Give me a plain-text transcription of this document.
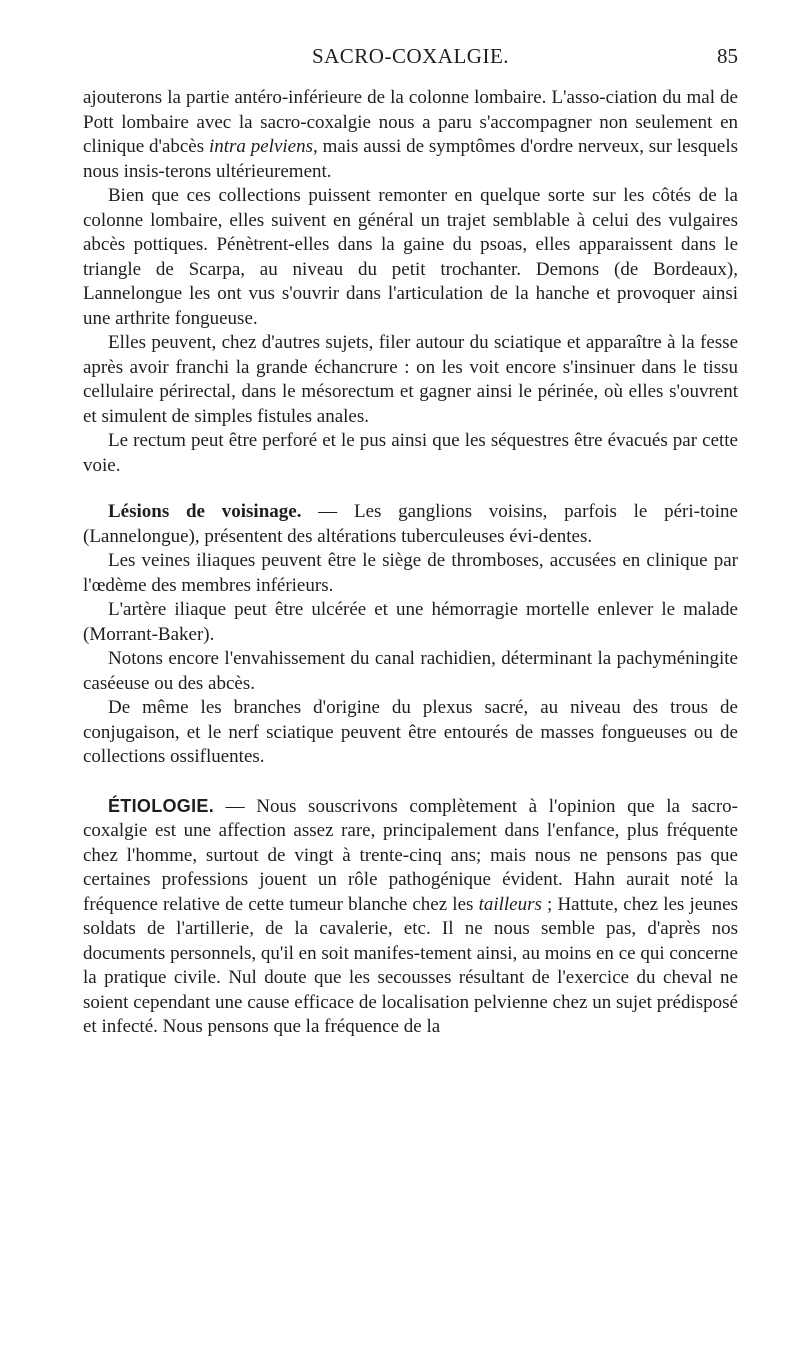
SACRO-COXALGIE.	85

ajouterons la partie antéro-inférieure de la colonne lombaire. L'asso-ciation du mal de Pott lombaire avec la sacro-coxalgie nous a paru s'accompagner non seulement en clinique d'abcès intra pelviens, mais aussi de symptômes d'ordre nerveux, sur lesquels nous insis-terons ultérieurement.

Bien que ces collections puissent remonter en quelque sorte sur les côtés de la colonne lombaire, elles suivent en général un trajet semblable à celui des vulgaires abcès pottiques. Pénètrent-elles dans la gaine du psoas, elles apparaissent dans le triangle de Scarpa, au niveau du petit trochanter. Demons (de Bordeaux), Lannelongue les ont vus s'ouvrir dans l'articulation de la hanche et provoquer ainsi une arthrite fongueuse.

Elles peuvent, chez d'autres sujets, filer autour du sciatique et apparaître à la fesse après avoir franchi la grande échancrure : on les voit encore s'insinuer dans le tissu cellulaire périrectal, dans le mésorectum et gagner ainsi le périnée, où elles s'ouvrent et simulent de simples fistules anales.

Le rectum peut être perforé et le pus ainsi que les séquestres être évacués par cette voie.

Lésions de voisinage. — Les ganglions voisins, parfois le péri-toine (Lannelongue), présentent des altérations tuberculeuses évi-dentes.

Les veines iliaques peuvent être le siège de thromboses, accusées en clinique par l'œdème des membres inférieurs.

L'artère iliaque peut être ulcérée et une hémorragie mortelle enlever le malade (Morrant-Baker).

Notons encore l'envahissement du canal rachidien, déterminant la pachyméningite caséeuse ou des abcès.

De même les branches d'origine du plexus sacré, au niveau des trous de conjugaison, et le nerf sciatique peuvent être entourés de masses fongueuses ou de collections ossifluentes.

ÉTIOLOGIE. — Nous souscrivons complètement à l'opinion que la sacro-coxalgie est une affection assez rare, principalement dans l'enfance, plus fréquente chez l'homme, surtout de vingt à trente-cinq ans; mais nous ne pensons pas que certaines professions jouent un rôle pathogénique évident. Hahn aurait noté la fréquence relative de cette tumeur blanche chez les tailleurs ; Hattute, chez les jeunes soldats de l'artillerie, de la cavalerie, etc. Il ne nous semble pas, d'après nos documents personnels, qu'il en soit manifes-tement ainsi, au moins en ce qui concerne la pratique civile. Nul doute que les secousses résultant de l'exercice du cheval ne soient cependant une cause efficace de localisation pelvienne chez un sujet prédisposé et infecté. Nous pensons que la fréquence de la
